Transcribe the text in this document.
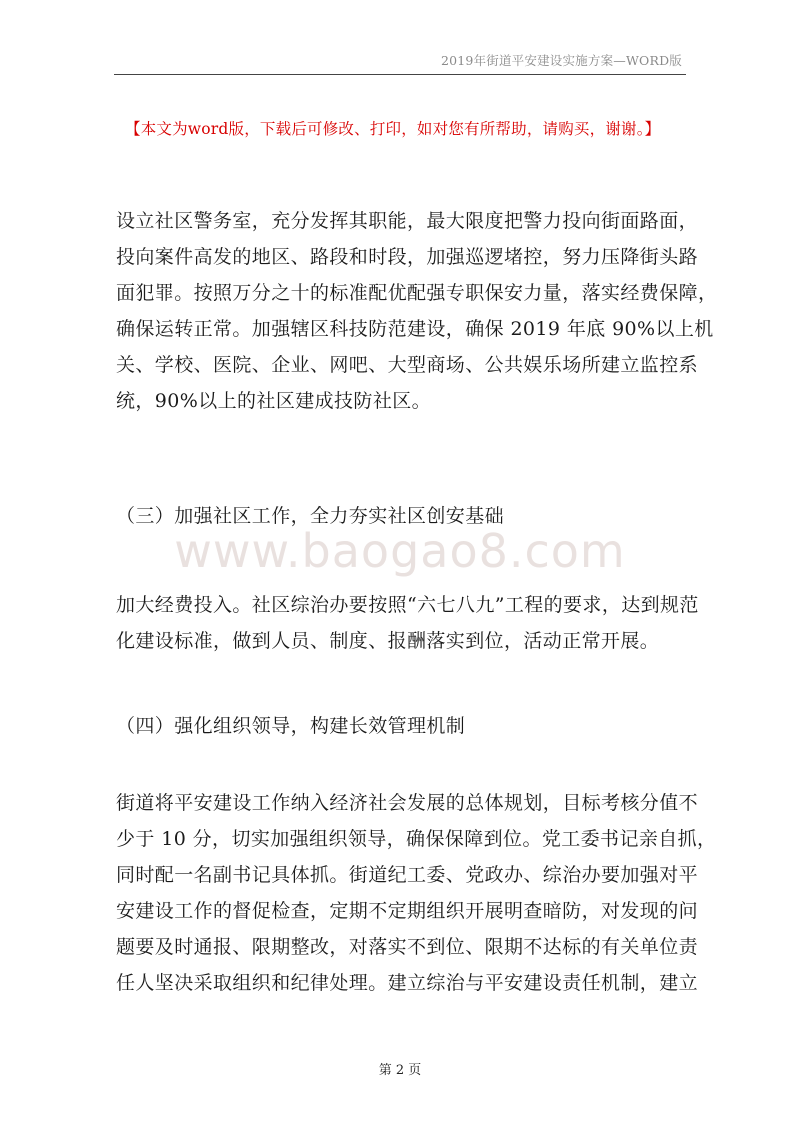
2019年街道平安建设实施方案—WORD版
【本文为word版，下载后可修改、打印，如对您有所帮助，请购买，谢谢。】
设立社区警务室，充分发挥其职能，最大限度把警力投向街面路面，
投向案件高发的地区、路段和时段，加强巡逻堵控，努力压降街头路
面犯罪。按照万分之十的标准配优配强专职保安力量，落实经费保障，
确保运转正常。加强辖区科技防范建设，确保 2019 年底 90%以上机
关、学校、医院、企业、网吧、大型商场、公共娱乐场所建立监控系
统，90%以上的社区建成技防社区。
（三）加强社区工作，全力夯实社区创安基础
www.baogao8.com
加大经费投入。社区综治办要按照“六七八九”工程的要求，达到规范
化建设标准，做到人员、制度、报酬落实到位，活动正常开展。
（四）强化组织领导，构建长效管理机制
街道将平安建设工作纳入经济社会发展的总体规划，目标考核分值不
少于 10 分，切实加强组织领导，确保保障到位。党工委书记亲自抓，
同时配一名副书记具体抓。街道纪工委、党政办、综治办要加强对平
安建设工作的督促检查，定期不定期组织开展明查暗防，对发现的问
题要及时通报、限期整改，对落实不到位、限期不达标的有关单位责
任人坚决采取组织和纪律处理。建立综治与平安建设责任机制，建立
第 2 页
